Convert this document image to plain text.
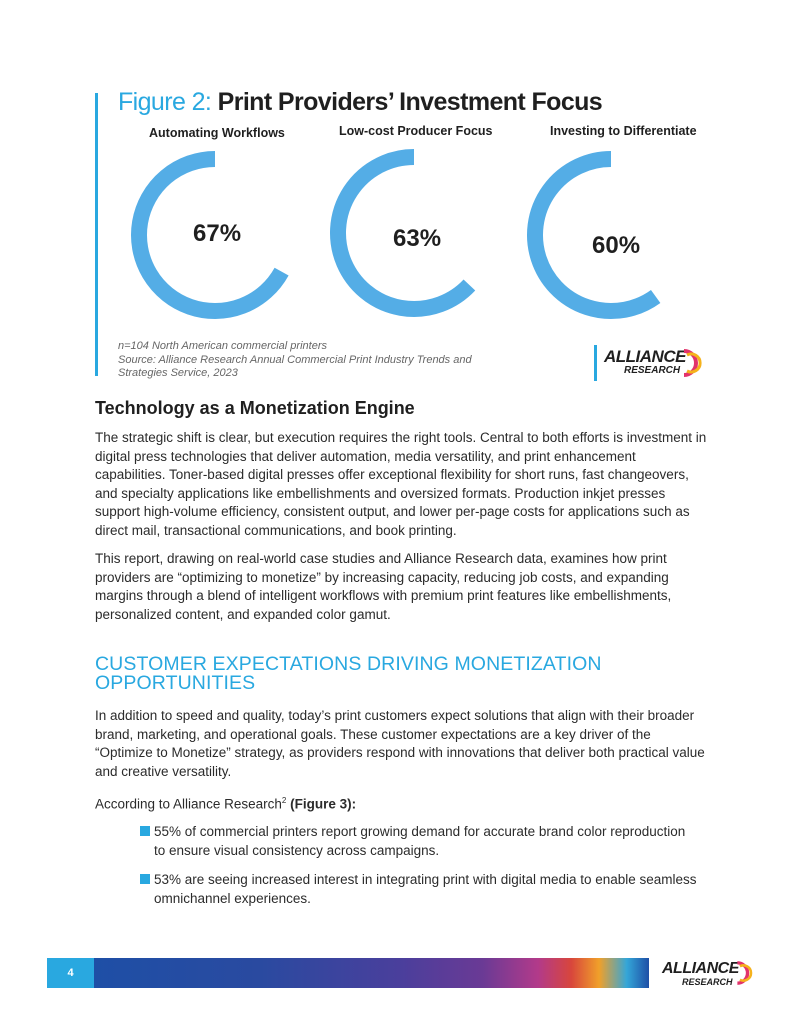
Figure 2: Print Providers’ Investment Focus
Automating Workflows	Low-cost Producer Focus	Investing to Differentiate
67%	63%	60%
n=104 North American commercial printers
Source: Alliance Research Annual Commercial Print Industry Trends and Strategies Service, 2023
ALLIANCE
RESEARCH
Technology as a Monetization Engine

The strategic shift is clear, but execution requires the right tools. Central to both efforts is investment in digital press technologies that deliver automation, media versatility, and print enhancement capabilities. Toner-based digital presses offer exceptional flexibility for short runs, fast changeovers, and specialty applications like embellishments and oversized formats. Production inkjet presses support high-volume efficiency, consistent output, and lower per-page costs for applications such as direct mail, transactional communications, and book printing.

This report, drawing on real-world case studies and Alliance Research data, examines how print providers are “optimizing to monetize” by increasing capacity, reducing job costs, and expanding margins through a blend of intelligent workflows with premium print features like embellishments, personalized content, and expanded color gamut.

CUSTOMER EXPECTATIONS DRIVING MONETIZATION OPPORTUNITIES

In addition to speed and quality, today’s print customers expect solutions that align with their broader brand, marketing, and operational goals. These customer expectations are a key driver of the “Optimize to Monetize” strategy, as providers respond with innovations that deliver both practical value and creative versatility.

According to Alliance Research$^2$ (Figure 3):

55% of commercial printers report growing demand for accurate brand color reproduction to ensure visual consistency across campaigns.
53% are seeing increased interest in integrating print with digital media to enable seamless omnichannel experiences.
4	ALLIANCE
RESEARCH
